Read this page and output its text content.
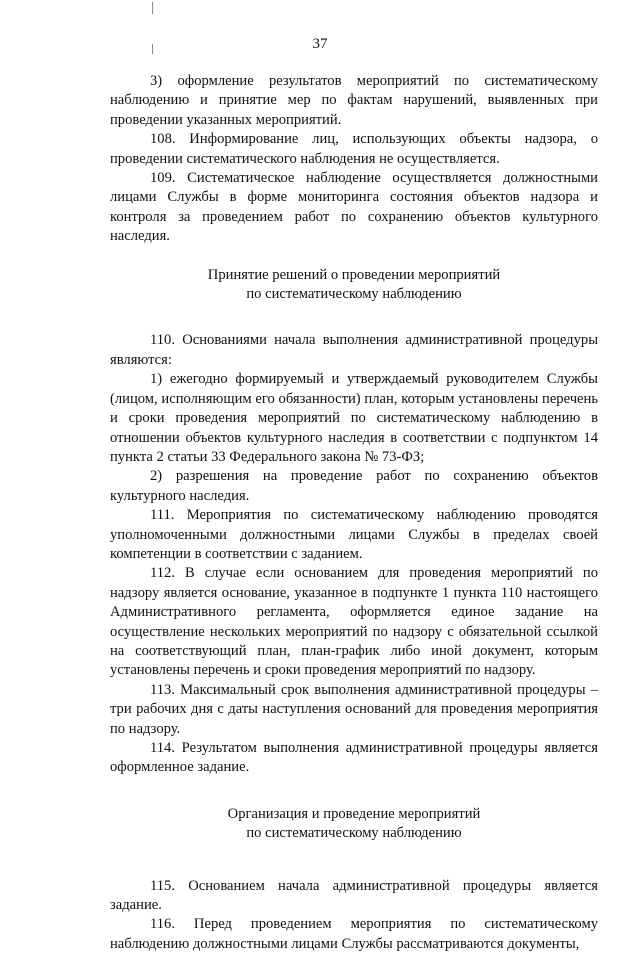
37

3) оформление результатов мероприятий по систематическому наблюдению и принятие мер по фактам нарушений, выявленных при проведении указанных мероприятий.

108. Информирование лиц, использующих объекты надзора, о проведении систематического наблюдения не осуществляется.

109. Систематическое наблюдение осуществляется должностными лицами Службы в форме мониторинга состояния объектов надзора и контроля за проведением работ по сохранению объектов культурного наследия.

Принятие решений о проведении мероприятий
по систематическому наблюдению

110. Основаниями начала выполнения административной процедуры являются:

1) ежегодно формируемый и утверждаемый руководителем Службы (лицом, исполняющим его обязанности) план, которым установлены перечень и сроки проведения мероприятий по систематическому наблюдению в отношении объектов культурного наследия в соответствии с подпунктом 14 пункта 2 статьи 33 Федерального закона № 73-ФЗ;

2) разрешения на проведение работ по сохранению объектов культурного наследия.

111. Мероприятия по систематическому наблюдению проводятся уполномоченными должностными лицами Службы в пределах своей компетенции в соответствии с заданием.

112. В случае если основанием для проведения мероприятий по надзору является основание, указанное в подпункте 1 пункта 110 настоящего Административного регламента, оформляется единое задание на осуществление нескольких мероприятий по надзору с обязательной ссылкой на соответствующий план, план-график либо иной документ, которым установлены перечень и сроки проведения мероприятий по надзору.

113. Максимальный срок выполнения административной процедуры – три рабочих дня с даты наступления оснований для проведения мероприятия по надзору.

114. Результатом выполнения административной процедуры является оформленное задание.

Организация и проведение мероприятий
по систематическому наблюдению

115. Основанием начала административной процедуры является задание.

116. Перед проведением мероприятия по систематическому наблюдению должностными лицами Службы рассматриваются документы,
